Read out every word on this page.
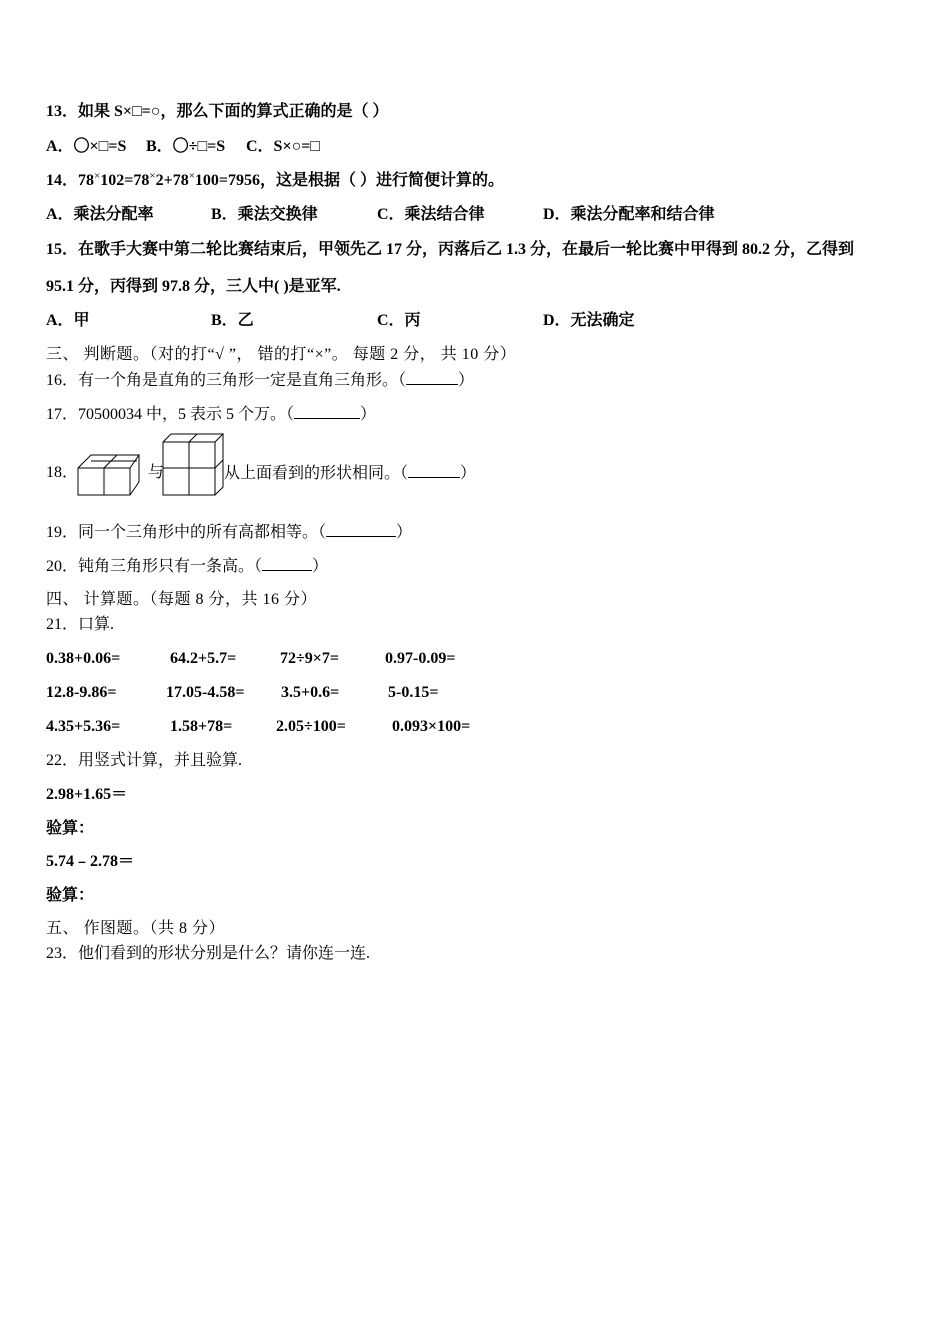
13．如果 S×□=○，那么下面的算式正确的是（ ）
A．〇×□=S B．〇÷□=S C．S×○=□
14．78×102=78×2+78×100=7956，这是根据（ ）进行简便计算的。
A．乘法分配率	B．乘法交换律	C．乘法结合律	D．乘法分配率和结合律
15．在歌手大赛中第二轮比赛结束后，甲领先乙 17 分，丙落后乙 1.3 分，在最后一轮比赛中甲得到 80.2 分，乙得到
95.1 分，丙得到 97.8 分，三人中( )是亚军.
A．甲	B．乙	C．丙	D．无法确定
三、 判断题。（对的打“√ ”， 错的打“×”。 每题 2 分， 共 10 分）
16．有一个角是直角的三角形一定是直角三角形。（	）
17．70500034 中，5 表示 5 个万。（	）
18．	与	从上面看到的形状相同。（	）
19．同一个三角形中的所有高都相等。（	）
20．钝角三角形只有一条高。（	）
四、 计算题。（每题 8 分，共 16 分）
21．口算.
0.38+0.06=	64.2+5.7=	72÷9×7=	0.97-0.09=
12.8-9.86=	17.05-4.58= 3.5+0.6=	5-0.15=
4.35+5.36=	1.58+78=	2.05÷100=	0.093×100=
22．用竖式计算，并且验算.
2.98+1.65＝
验算：
5.74﹣2.78＝
验算：
五、 作图题。（共 8 分）
23．他们看到的形状分别是什么？请你连一连.
